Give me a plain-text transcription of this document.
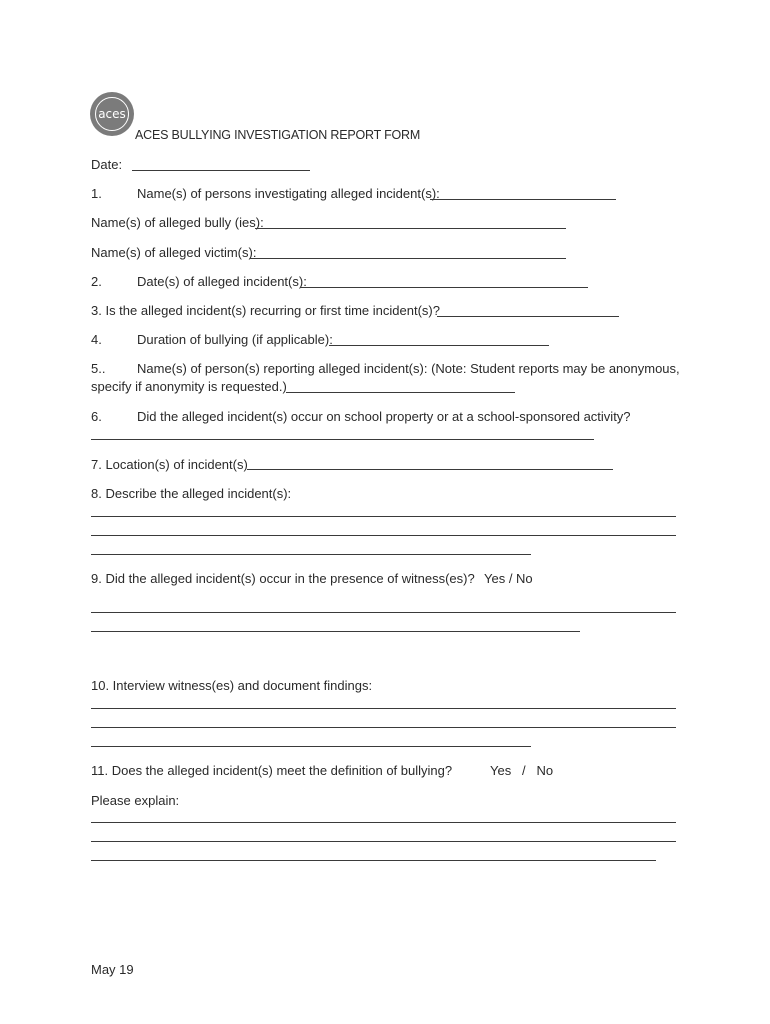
aces
ACES BULLYING INVESTIGATION REPORT FORM
Date:
1.	Name(s) of persons investigating alleged incident(s):
Name(s) of alleged bully (ies):
Name(s) of alleged victim(s):
2.	Date(s) of alleged incident(s):
3. Is the alleged incident(s) recurring or first time incident(s)?
4.	Duration of bullying (if applicable):
5.. Name(s) of person(s) reporting alleged incident(s): (Note: Student reports may be anonymous,
specify if anonymity is requested.)
6.	Did the alleged incident(s) occur on school property or at a school-sponsored activity?
7. Location(s) of incident(s)
8. Describe the alleged incident(s):
9. Did the alleged incident(s) occur in the presence of witness(es)? Yes / No
10. Interview witness(es) and document findings:
11. Does the alleged incident(s) meet the definition of bullying?	Yes   /   No
Please explain:
May 19
